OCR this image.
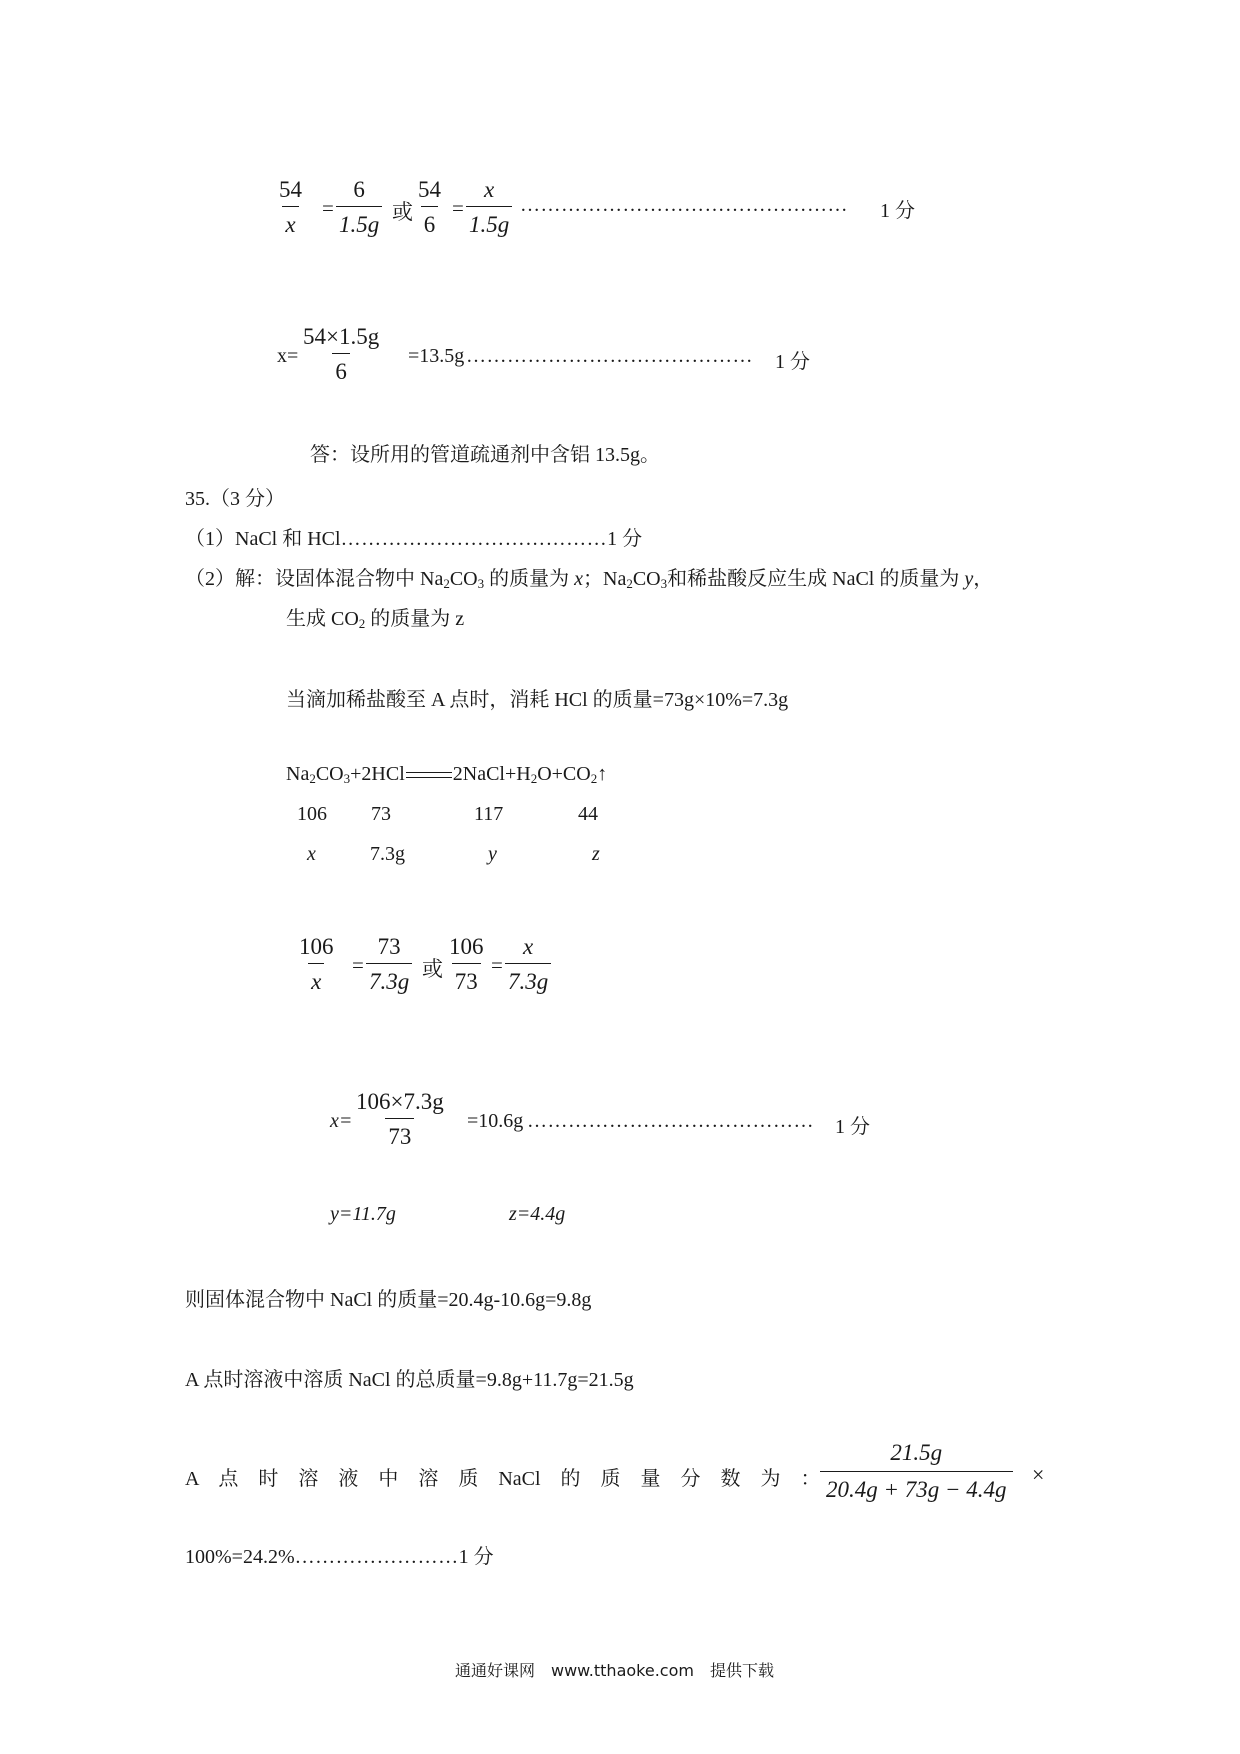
$\frac{54}{x} = \frac{6}{1.5g}$ 或 $\frac{54}{6} = \frac{x}{1.5g}$ ………………………………………… 1 分
$x= \frac{54\times 1.5g}{6} =13.5g$ …………………………………… 1 分
答：设所用的管道疏通剂中含铝 13.5g。
35.（3 分）
（1）NaCl 和 HCl…………………………………1 分
（2）解：设固体混合物中 $Na_2CO_3$ 的质量为 x；$Na_2CO_3$和稀盐酸反应生成 NaCl 的质量为 y，
生成 $CO_2$ 的质量为 z
当滴加稀盐酸至 A 点时，消耗 HCl 的质量=73g×10%=7.3g
$Na_2CO_3+2HCl$ $2NaCl+H_2O+CO_2↑$
106 73	117	44
x	7.3g	y	z
$\frac{106}{x} = \frac{73}{7.3g}$ 或 $\frac{106}{73} = \frac{x}{7.3g}$
$x= \frac{106\times 7.3g}{73} =10.6g$ …………………………………… 1 分
y=11.7g	z=4.4g
则固体混合物中 NaCl 的质量=20.4g-10.6g=9.8g
A 点时溶液中溶质 NaCl 的总质量=9.8g+11.7g=21.5g
A　点　时　溶　液　中　溶　质　NaCl　的　质　量　分　数　为　： $\frac{21.5g}{20.4g + 73g - 4.4g}$ ×
100%=24.2%……………………1 分
通通好课网　www.tthaoke.com　提供下载
